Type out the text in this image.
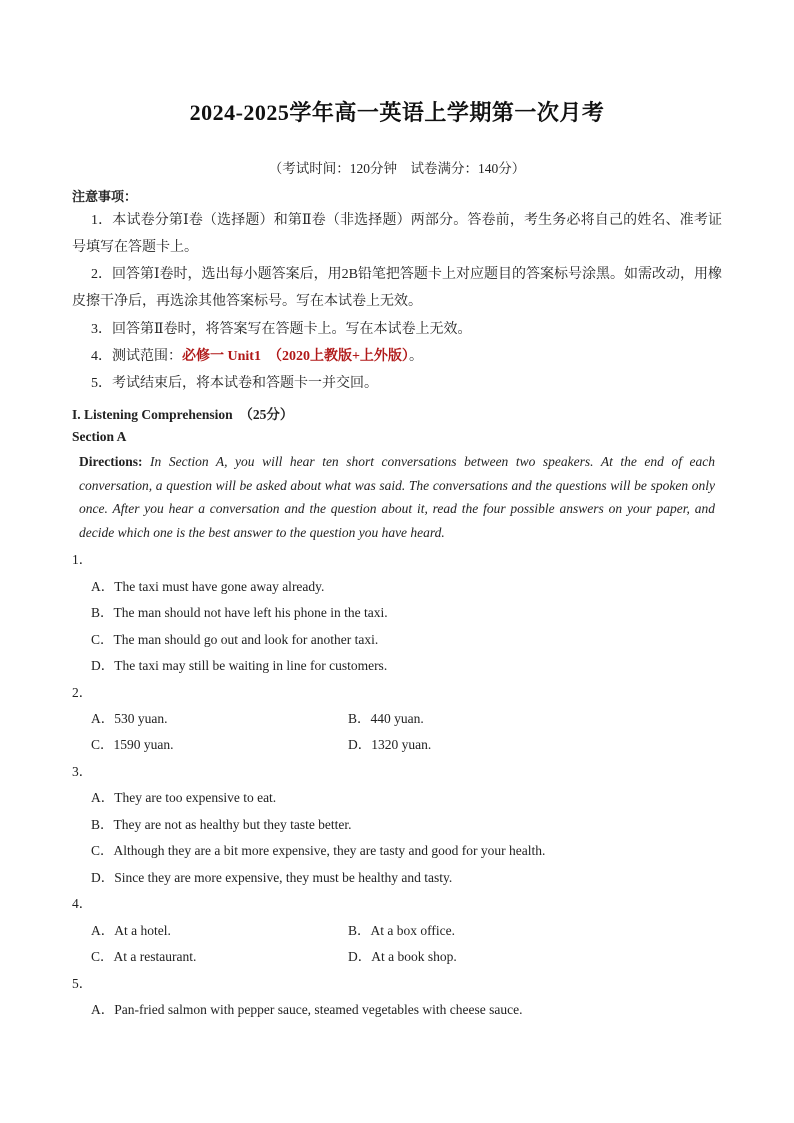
2024-2025学年高一英语上学期第一次月考
（考试时间：120分钟　试卷满分：140分）
注意事项：
1．本试卷分第Ⅰ卷（选择题）和第Ⅱ卷（非选择题）两部分。答卷前，考生务必将自己的姓名、准考证号填写在答题卡上。
2．回答第Ⅰ卷时，选出每小题答案后，用2B铅笔把答题卡上对应题目的答案标号涂黑。如需改动，用橡皮擦干净后，再选涂其他答案标号。写在本试卷上无效。
3．回答第Ⅱ卷时，将答案写在答题卡上。写在本试卷上无效。
4．测试范围：必修一 Unit1　（2020上教版+上外版）。
5．考试结束后，将本试卷和答题卡一并交回。
I. Listening Comprehension　（25分）
Section A
Directions: In Section A, you will hear ten short conversations between two speakers. At the end of each conversation, a question will be asked about what was said. The conversations and the questions will be spoken only once. After you hear a conversation and the question about it, read the four possible answers on your paper, and decide which one is the best answer to the question you have heard.
1．
A．The taxi must have gone away already.
B．The man should not have left his phone in the taxi.
C．The man should go out and look for another taxi.
D．The taxi may still be waiting in line for customers.
2．
A．530 yuan.	B．440 yuan.
C．1590 yuan.	D．1320 yuan.
3．
A．They are too expensive to eat.
B．They are not as healthy but they taste better.
C．Although they are a bit more expensive, they are tasty and good for your health.
D．Since they are more expensive, they must be healthy and tasty.
4．
A．At a hotel.	B．At a box office.
C．At a restaurant.	D．At a book shop.
5．
A．Pan-fried salmon with pepper sauce, steamed vegetables with cheese sauce.
